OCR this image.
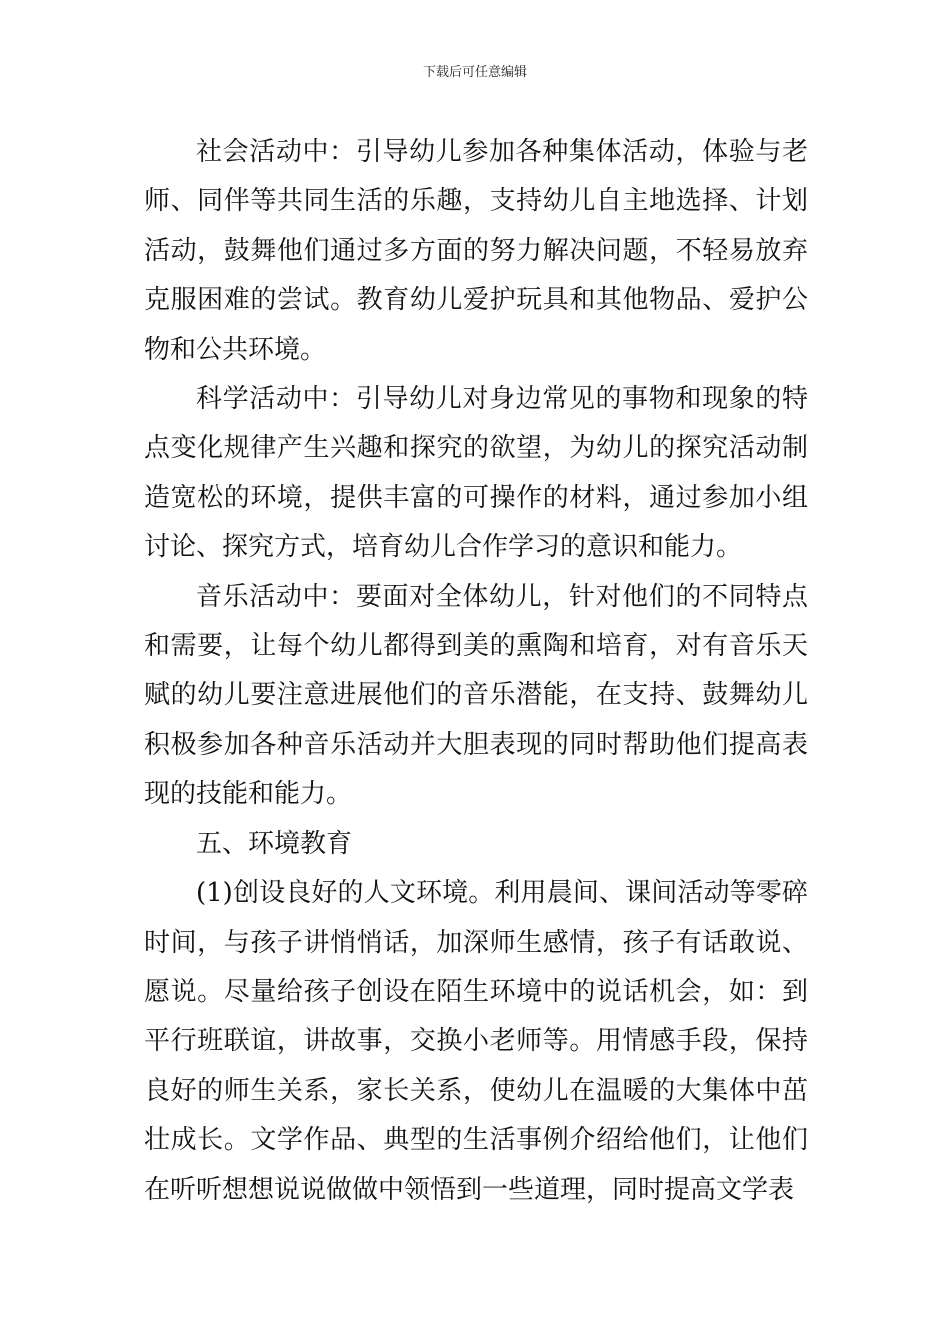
下载后可任意编辑

社会活动中：引导幼儿参加各种集体活动，体验与老师、同伴等共同生活的乐趣，支持幼儿自主地选择、计划活动，鼓舞他们通过多方面的努力解决问题，不轻易放弃克服困难的尝试。教育幼儿爱护玩具和其他物品、爱护公物和公共环境。

科学活动中：引导幼儿对身边常见的事物和现象的特点变化规律产生兴趣和探究的欲望，为幼儿的探究活动制造宽松的环境，提供丰富的可操作的材料，通过参加小组讨论、探究方式，培育幼儿合作学习的意识和能力。

音乐活动中：要面对全体幼儿，针对他们的不同特点和需要，让每个幼儿都得到美的熏陶和培育，对有音乐天赋的幼儿要注意进展他们的音乐潜能，在支持、鼓舞幼儿积极参加各种音乐活动并大胆表现的同时帮助他们提高表现的技能和能力。

五、环境教育

(1)创设良好的人文环境。利用晨间、课间活动等零碎时间，与孩子讲悄悄话，加深师生感情，孩子有话敢说、愿说。尽量给孩子创设在陌生环境中的说话机会，如：到平行班联谊，讲故事，交换小老师等。用情感手段，保持良好的师生关系，家长关系，使幼儿在温暖的大集体中茁壮成长。文学作品、典型的生活事例介绍给他们，让他们在听听想想说说做做中领悟到一些道理，同时提高文学表
